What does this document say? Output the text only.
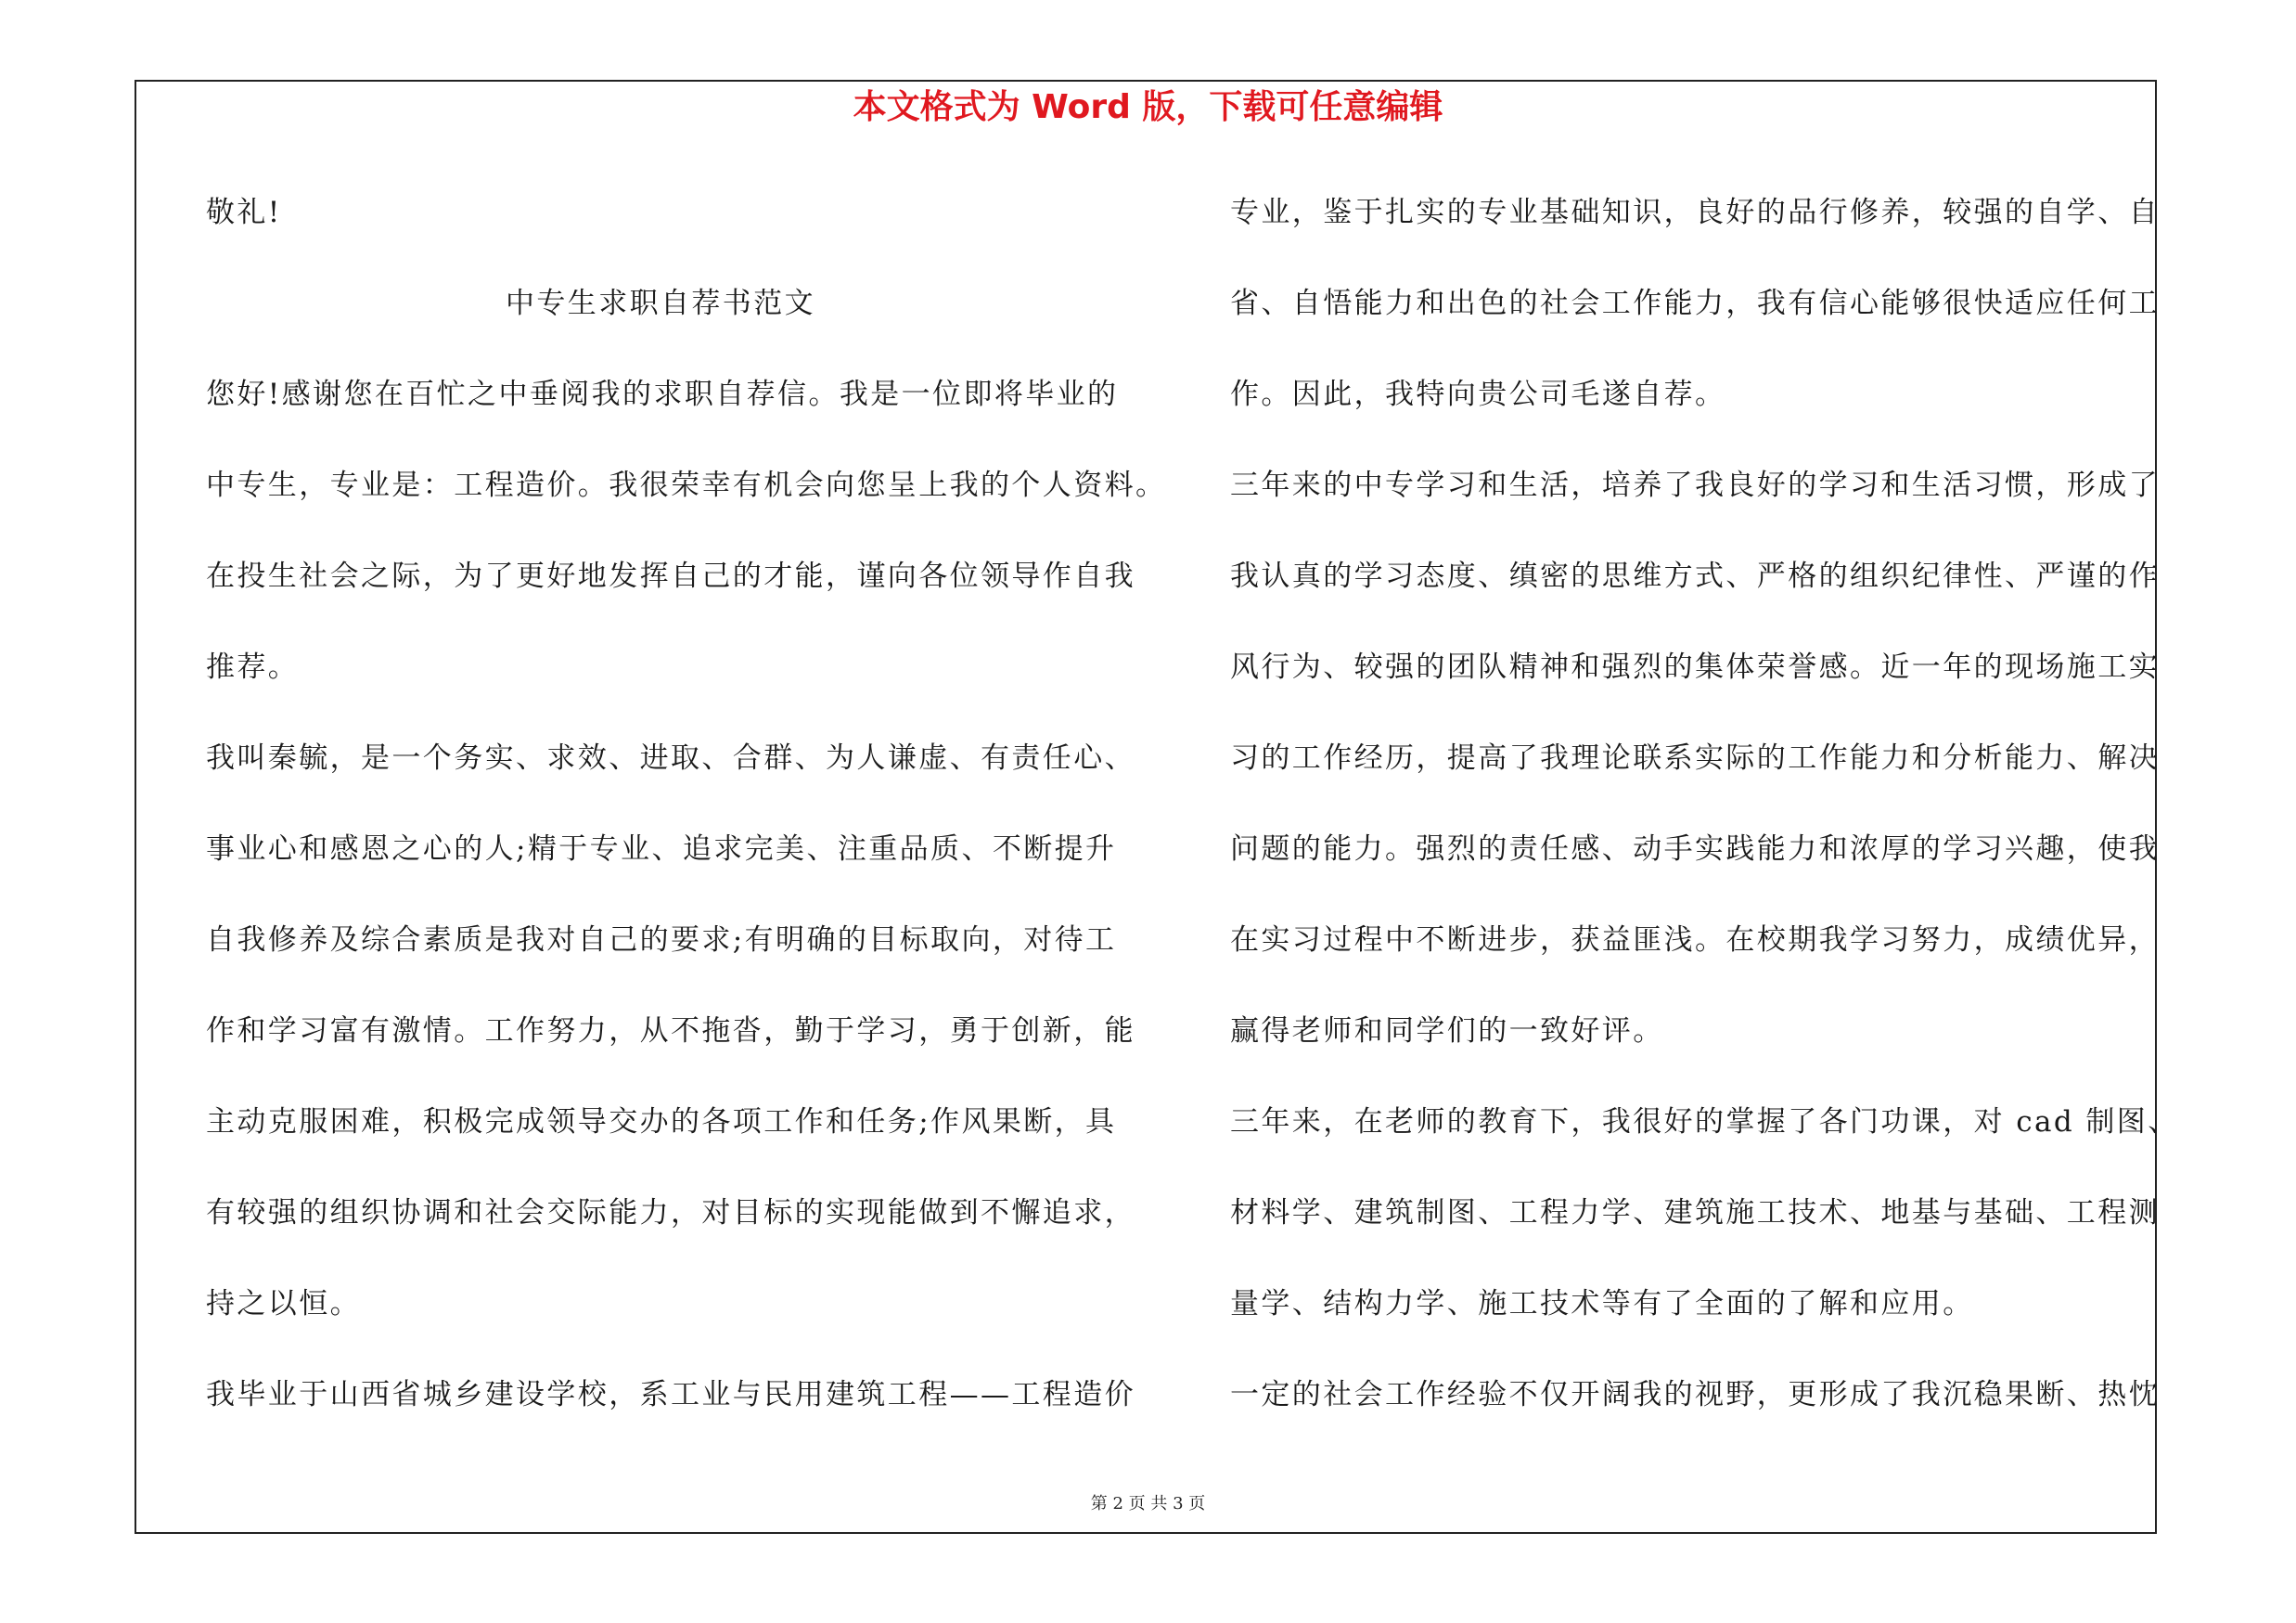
本文格式为 Word 版，下载可任意编辑
敬礼!
中专生求职自荐书范文
您好!感谢您在百忙之中垂阅我的求职自荐信。我是一位即将毕业的
中专生，专业是：工程造价。我很荣幸有机会向您呈上我的个人资料。
在投生社会之际，为了更好地发挥自己的才能，谨向各位领导作自我
推荐。
我叫秦毓，是一个务实、求效、进取、合群、为人谦虚、有责任心、
事业心和感恩之心的人;精于专业、追求完美、注重品质、不断提升
自我修养及综合素质是我对自己的要求;有明确的目标取向，对待工
作和学习富有激情。工作努力，从不拖沓，勤于学习，勇于创新，能
主动克服困难，积极完成领导交办的各项工作和任务;作风果断，具
有较强的组织协调和社会交际能力，对目标的实现能做到不懈追求，
持之以恒。
我毕业于山西省城乡建设学校，系工业与民用建筑工程——工程造价
专业，鉴于扎实的专业基础知识，良好的品行修养，较强的自学、自
省、自悟能力和出色的社会工作能力，我有信心能够很快适应任何工
作。因此，我特向贵公司毛遂自荐。
三年来的中专学习和生活，培养了我良好的学习和生活习惯，形成了
我认真的学习态度、缜密的思维方式、严格的组织纪律性、严谨的作
风行为、较强的团队精神和强烈的集体荣誉感。近一年的现场施工实
习的工作经历，提高了我理论联系实际的工作能力和分析能力、解决
问题的能力。强烈的责任感、动手实践能力和浓厚的学习兴趣，使我
在实习过程中不断进步，获益匪浅。在校期我学习努力，成绩优异，
赢得老师和同学们的一致好评。
三年来，在老师的教育下，我很好的掌握了各门功课，对 cad 制图、
材料学、建筑制图、工程力学、建筑施工技术、地基与基础、工程测
量学、结构力学、施工技术等有了全面的了解和应用。
一定的社会工作经验不仅开阔我的视野，更形成了我沉稳果断、热忱
第 2 页 共 3 页
